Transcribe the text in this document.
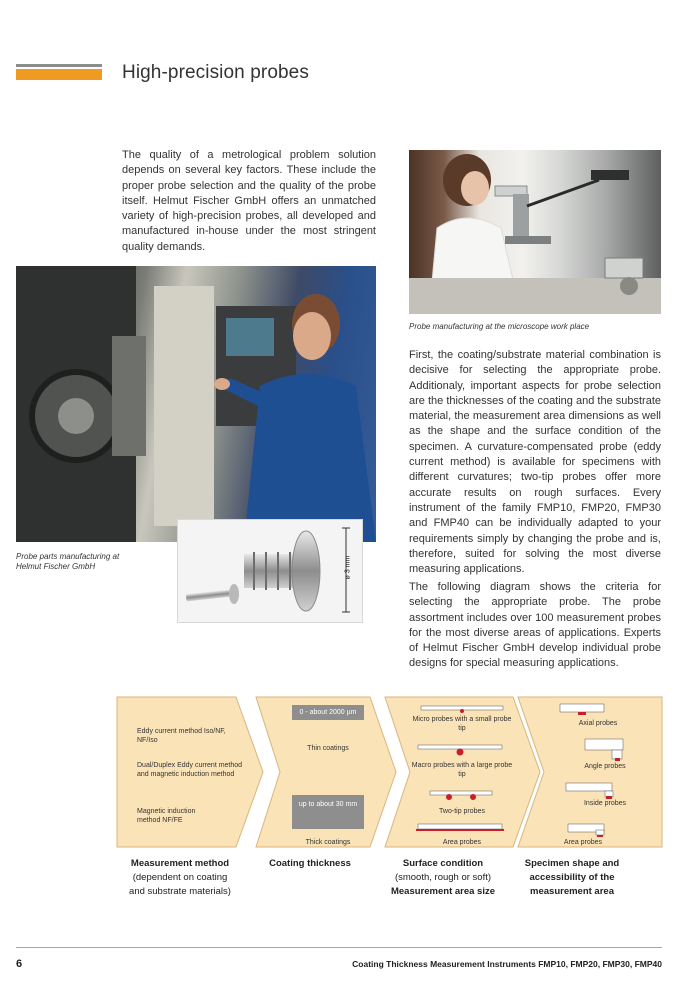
High-precision probes

The quality of a metrological problem solution depends on several key factors. These include the proper probe selection and the quality of the probe itself. Helmut Fischer GmbH offers an unmatched variety of high-precision probes, all developed and manufactured in-house under the most stringent quality demands.

Probe manufacturing at the microscope work place
Probe parts manufacturing at Helmut Fischer GmbH	ø 3 mm

First, the coating/substrate material combination is decisive for selecting the appropriate probe. Additionaly, important aspects for probe selection are the thicknesses of the coating and the substrate material, the measurement area dimensions as well as the shape and the surface condition of the specimen. A curvature-compensated probe (eddy current method) is available for specimens with different curvatures; two-tip probes offer more accurate results on rough surfaces. Every instrument of the family FMP10, FMP20, FMP30 and FMP40 can be individually adapted to your requirements simply by changing the probe and is, therefore, suited for solving the most diverse measuring applications.

The following diagram shows the criteria for selecting the appropriate probe. The probe assortment includes over 100 measurement probes for the most diverse areas of applications. Experts of Helmut Fischer GmbH develop individual probe designs for special measuring applications.

Eddy current method Iso/NF, NF/Iso
Dual/Duplex Eddy current method and magnetic induction method
Magnetic induction method NF/FE
0 - about 2000 µm
Thin coatings
up to about 30 mm
Thick coatings
Micro probes with a small probe tip
Macro probes with a large probe tip
Two-tip probes
Area probes
Axial probes
Angle probes
Inside probes
Area probes
Measurement method
(dependent on coating and substrate materials)
Coating thickness	Surface condition
(smooth, rough or soft)
Measurement area size
Specimen shape and accessibility of the measurement area
6	Coating Thickness Measurement Instruments FMP10, FMP20, FMP30, FMP40
